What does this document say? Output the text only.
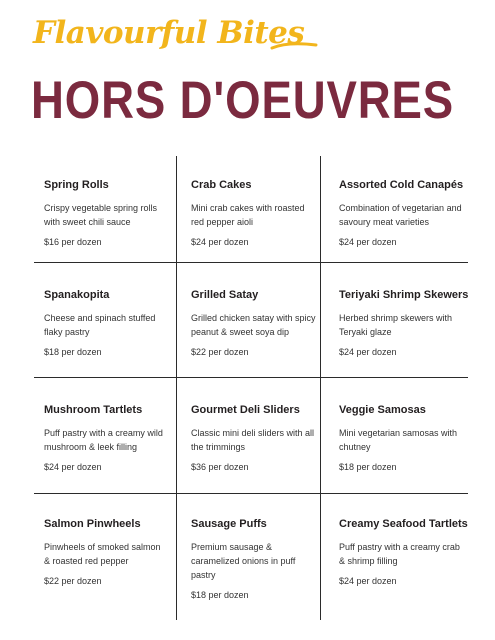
Flavourful Bites
HORS D'OEUVRES
Spring Rolls
Crispy vegetable spring rolls with sweet chili sauce
$16 per dozen
Crab Cakes
Mini crab cakes with roasted red pepper aioli
$24 per dozen
Assorted Cold Canapés
Combination of vegetarian and savoury meat varieties
$24 per dozen
Spanakopita
Cheese and spinach stuffed flaky pastry
$18 per dozen
Grilled Satay
Grilled chicken satay with spicy peanut & sweet soya dip
$22 per dozen
Teriyaki Shrimp Skewers
Herbed shrimp skewers with Teryaki glaze
$24 per dozen
Mushroom Tartlets
Puff pastry with a creamy wild mushroom & leek filling
$24 per dozen
Gourmet Deli Sliders
Classic mini deli sliders with all the trimmings
$36 per dozen
Veggie Samosas
Mini vegetarian samosas with chutney
$18 per dozen
Salmon Pinwheels
Pinwheels of smoked salmon & roasted red pepper
$22 per dozen
Sausage Puffs
Premium sausage & caramelized onions in puff pastry
$18 per dozen
Creamy Seafood Tartlets
Puff pastry with a creamy crab & shrimp filling
$24 per dozen
